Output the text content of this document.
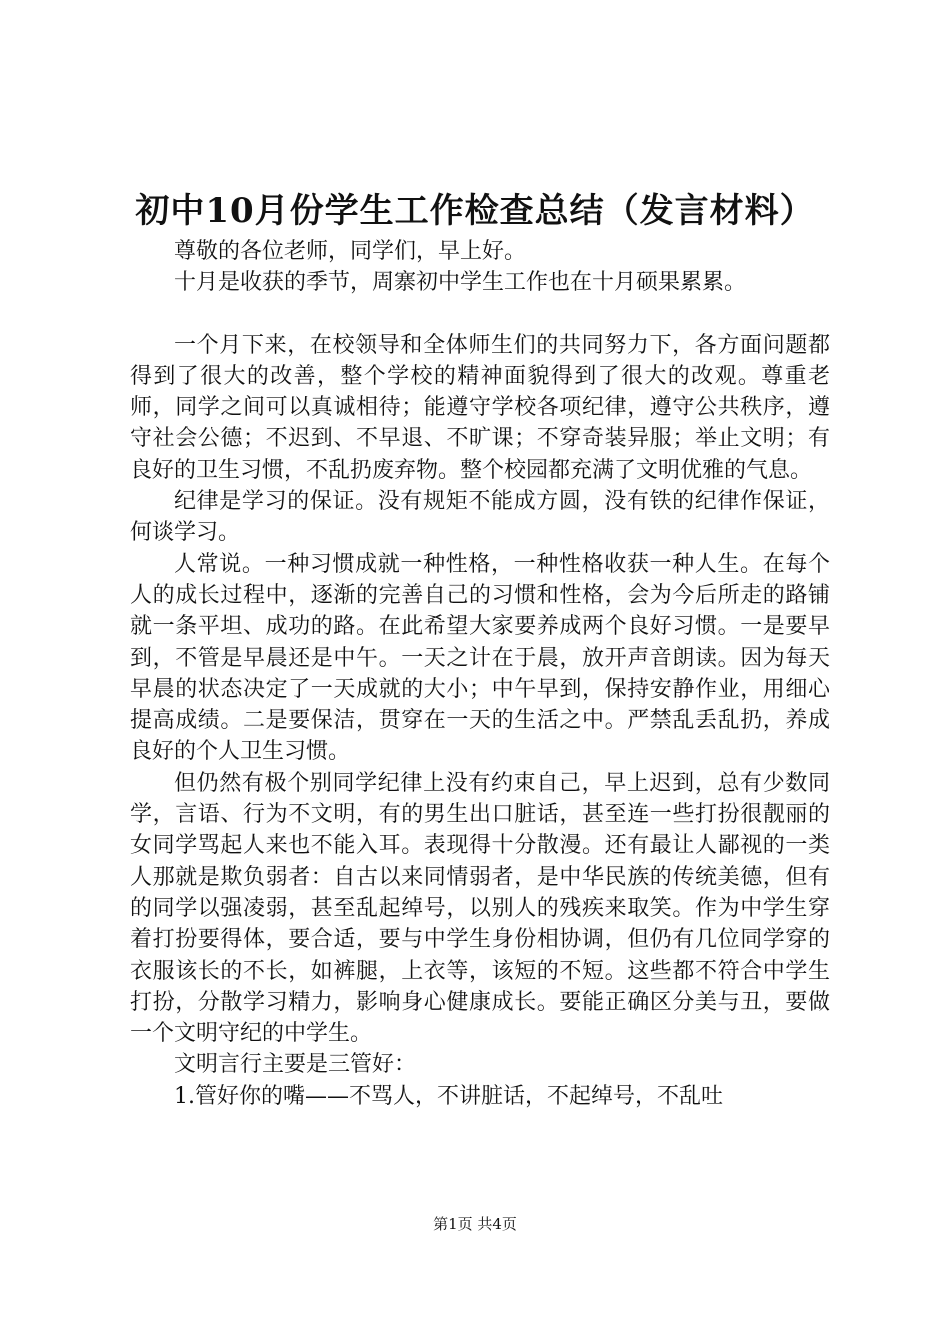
初中10月份学生工作检查总结（发言材料）

尊敬的各位老师，同学们，早上好。

十月是收获的季节，周寨初中学生工作也在十月硕果累累。

一个月下来，在校领导和全体师生们的共同努力下，各方面问题都得到了很大的改善，整个学校的精神面貌得到了很大的改观。尊重老师，同学之间可以真诚相待；能遵守学校各项纪律，遵守公共秩序，遵守社会公德；不迟到、不早退、不旷课；不穿奇装异服；举止文明；有良好的卫生习惯，不乱扔废弃物。整个校园都充满了文明优雅的气息。

纪律是学习的保证。没有规矩不能成方圆，没有铁的纪律作保证，何谈学习。

人常说。一种习惯成就一种性格，一种性格收获一种人生。在每个人的成长过程中，逐渐的完善自己的习惯和性格，会为今后所走的路铺就一条平坦、成功的路。在此希望大家要养成两个良好习惯。一是要早到，不管是早晨还是中午。一天之计在于晨，放开声音朗读。因为每天早晨的状态决定了一天成就的大小；中午早到，保持安静作业，用细心提高成绩。二是要保洁，贯穿在一天的生活之中。严禁乱丢乱扔，养成良好的个人卫生习惯。

但仍然有极个别同学纪律上没有约束自己，早上迟到，总有少数同学，言语、行为不文明，有的男生出口脏话，甚至连一些打扮很靓丽的女同学骂起人来也不能入耳。表现得十分散漫。还有最让人鄙视的一类人那就是欺负弱者：自古以来同情弱者，是中华民族的传统美德，但有的同学以强凌弱，甚至乱起绰号，以别人的残疾来取笑。作为中学生穿着打扮要得体，要合适，要与中学生身份相协调，但仍有几位同学穿的衣服该长的不长，如裤腿，上衣等，该短的不短。这些都不符合中学生打扮，分散学习精力，影响身心健康成长。要能正确区分美与丑，要做一个文明守纪的中学生。

文明言行主要是三管好：

1.管好你的嘴——不骂人，不讲脏话，不起绰号，不乱吐

第1页 共4页
